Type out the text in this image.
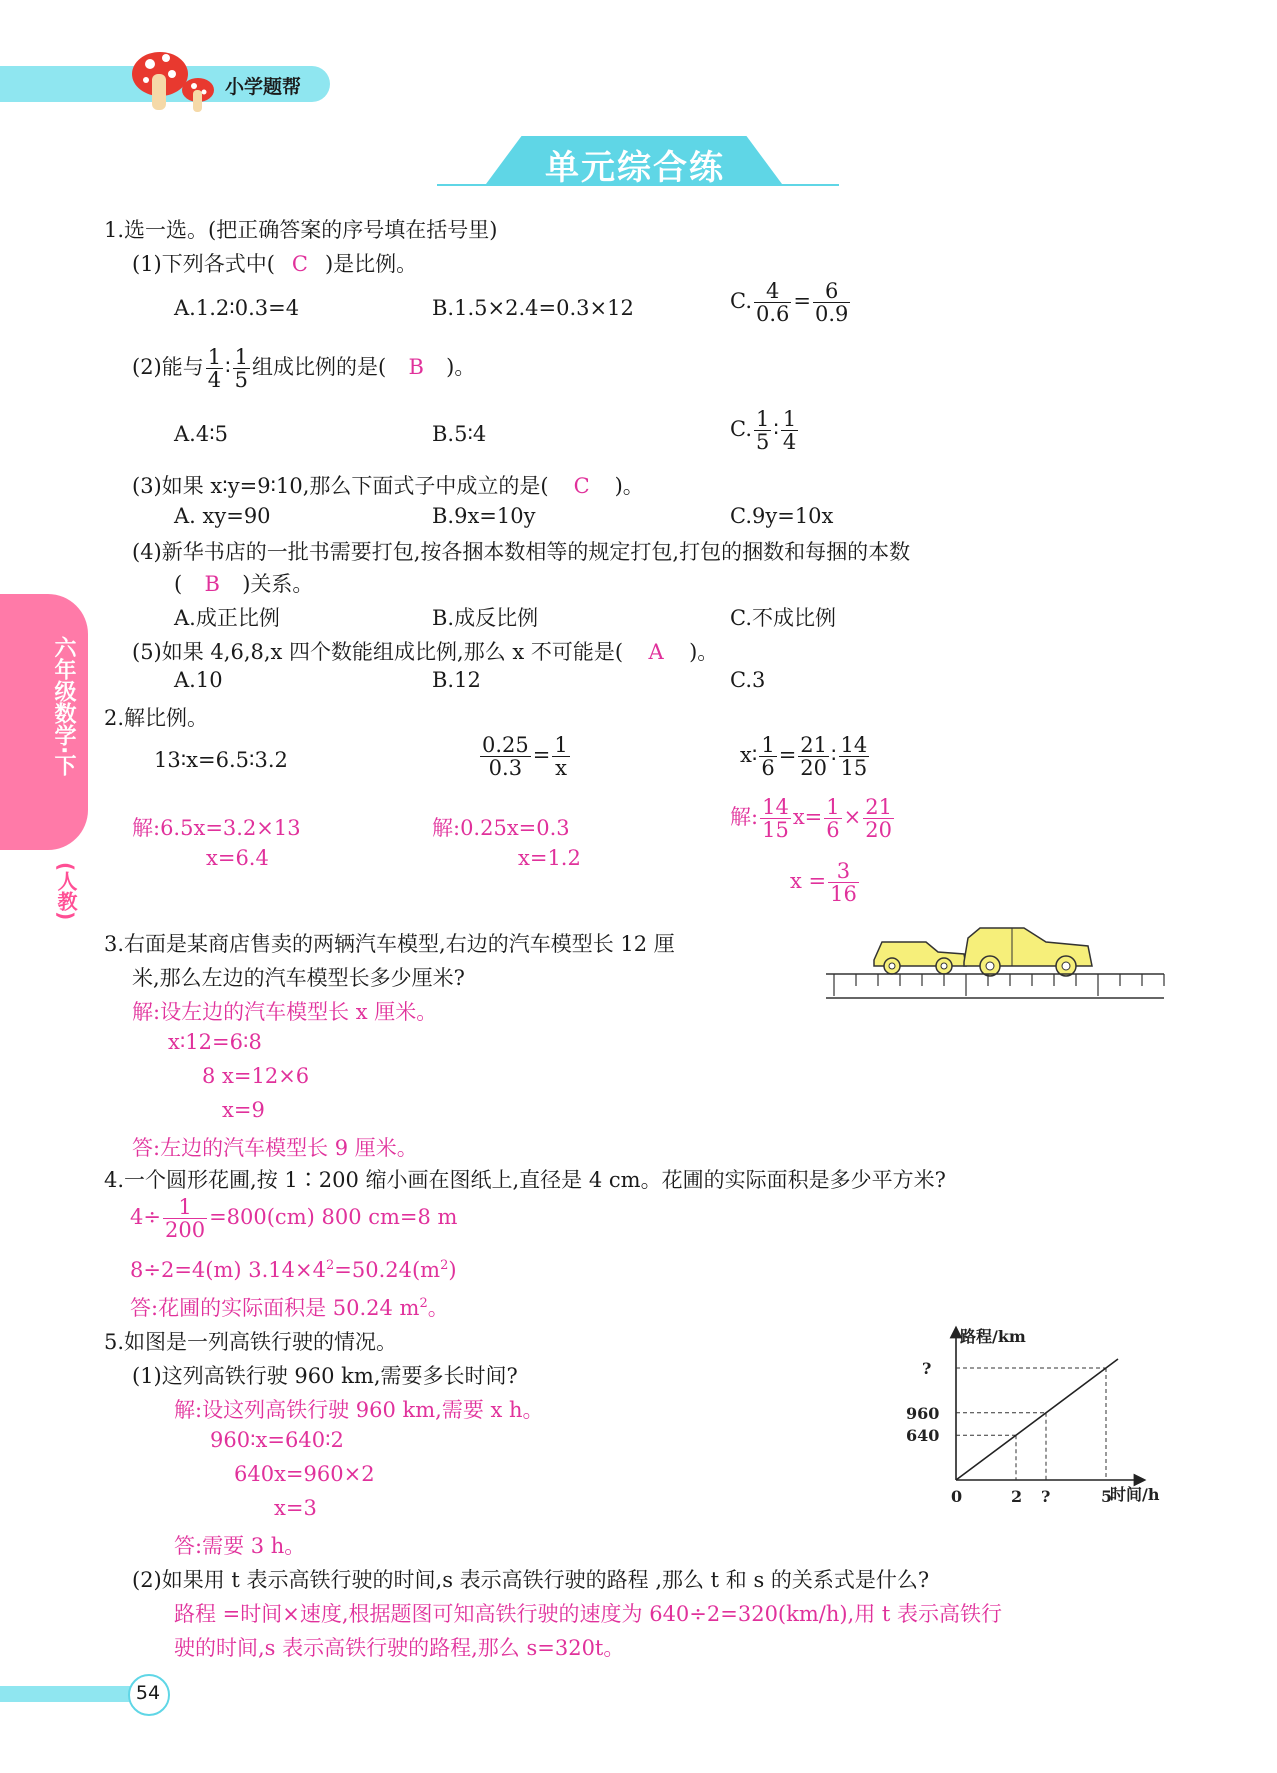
小学题帮
单元综合练
六年级数学·下
(人教)
1.选一选。(把正确答案的序号填在括号里)
(1)下列各式中( C )是比例。
A.1.2∶0.3=4	B.1.5×2.4=0.3×12	C. $\frac{4}{0.6} = \frac{6}{0.9}$
(2)能与 $\frac{1}{4}$ ∶ $\frac{1}{5}$ 组成比例的是( B )。
A.4∶5	B.5∶4	C. $\frac{1}{5}$ ∶ $\frac{1}{4}$
(3)如果 x∶y=9∶10,那么下面式子中成立的是( C )。
A. xy=90	B.9x=10y	C.9y=10x
(4)新华书店的一批书需要打包,按各捆本数相等的规定打包,打包的捆数和每捆的本数
( B )关系。
A.成正比例	B.成反比例	C.不成比例
(5)如果 4,6,8,x 四个数能组成比例,那么 x 不可能是( A )。
A.10	B.12	C.3
2.解比例。
13∶x=6.5∶3.2	$\frac{0.25}{0.3} = \frac{1}{x}$	x∶ $\frac{1}{6} = \frac{21}{20}$ ∶ $\frac{14}{15}$
解:6.5x=3.2×13
x=6.4
解:0.25x=0.3
x=1.2
解: $\frac{14}{15} x= \frac{1}{6} \times \frac{21}{20}$
$x = \frac{3}{16}$
3.右面是某商店售卖的两辆汽车模型,右边的汽车模型长 12 厘
米,那么左边的汽车模型长多少厘米?
解:设左边的汽车模型长 x 厘米。
x∶12=6∶8
8 x=12×6
x=9
答:左边的汽车模型长 9 厘米。
4.一个圆形花圃,按 1∶200 缩小画在图纸上,直径是 4 cm。花圃的实际面积是多少平方米?
$4\div \frac{1}{200} =800(cm)$ 800 cm=8 m
8÷2=4(m) $3.14\times 4^2=50.24(m^2)$
答:花圃的实际面积是 50.24 $m^2$。
5.如图是一列高铁行驶的情况。
(1)这列高铁行驶 960 km,需要多长时间?
解:设这列高铁行驶 960 km,需要 x h。
960∶x=640∶2
640x=960×2
x=3
答:需要 3 h。
(2)如果用 t 表示高铁行驶的时间,s 表示高铁行驶的路程 ,那么 t 和 s 的关系式是什么?
路程 =时间×速度,根据题图可知高铁行驶的速度为 640÷2=320(km/h),用 t 表示高铁行
驶的时间,s 表示高铁行驶的路程,那么 s=320t。
路程/km
时间/h
0	2 ?	5
640
960
?
54
